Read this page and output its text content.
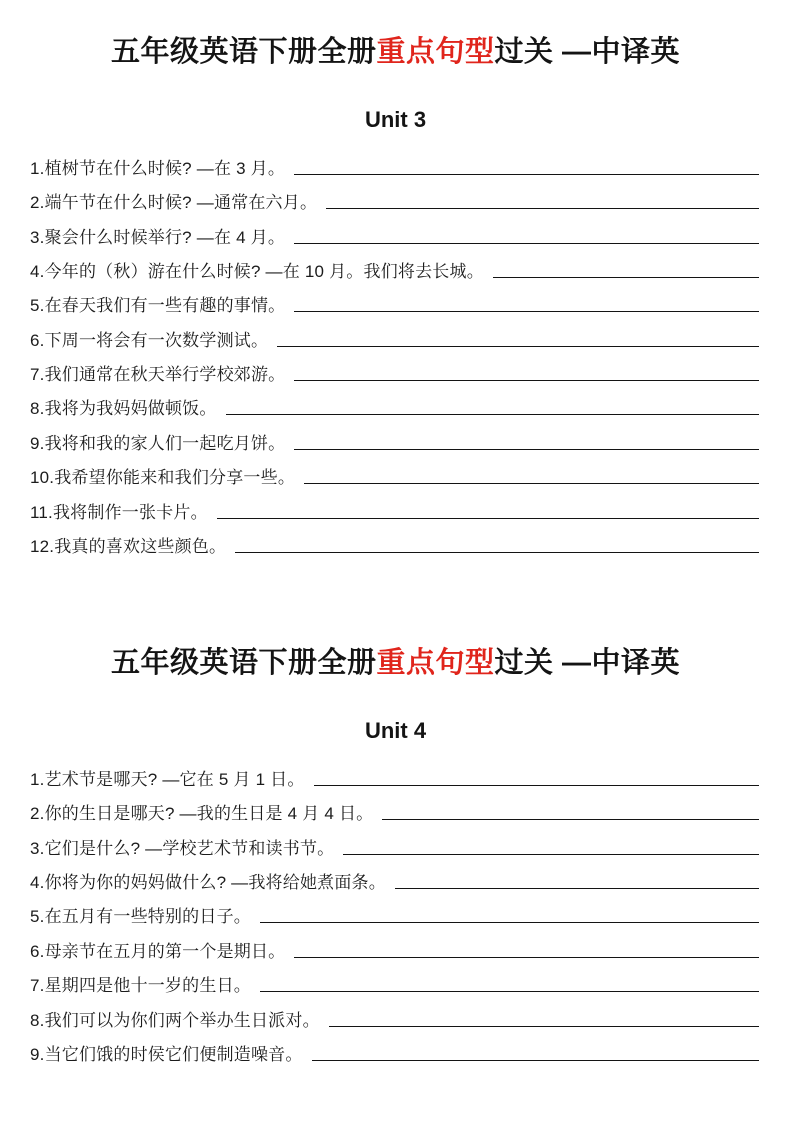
五年级英语下册全册重点句型过关 —中译英
Unit 3
1.植树节在什么时候? —在 3 月。
2.端午节在什么时候? —通常在六月。
3.聚会什么时候举行? —在 4 月。
4.今年的（秋）游在什么时候? —在 10 月。我们将去长城。
5.在春天我们有一些有趣的事情。
6.下周一将会有一次数学测试。
7.我们通常在秋天举行学校郊游。
8.我将为我妈妈做顿饭。
9.我将和我的家人们一起吃月饼。
10.我希望你能来和我们分享一些。
11.我将制作一张卡片。
12.我真的喜欢这些颜色。
五年级英语下册全册重点句型过关 —中译英
Unit 4
1.艺术节是哪天? —它在 5 月 1 日。
2.你的生日是哪天? —我的生日是 4 月 4 日。
3.它们是什么? —学校艺术节和读书节。
4.你将为你的妈妈做什么? —我将给她煮面条。
5.在五月有一些特别的日子。
6.母亲节在五月的第一个是期日。
7.星期四是他十一岁的生日。
8.我们可以为你们两个举办生日派对。
9.当它们饿的时侯它们便制造噪音。
